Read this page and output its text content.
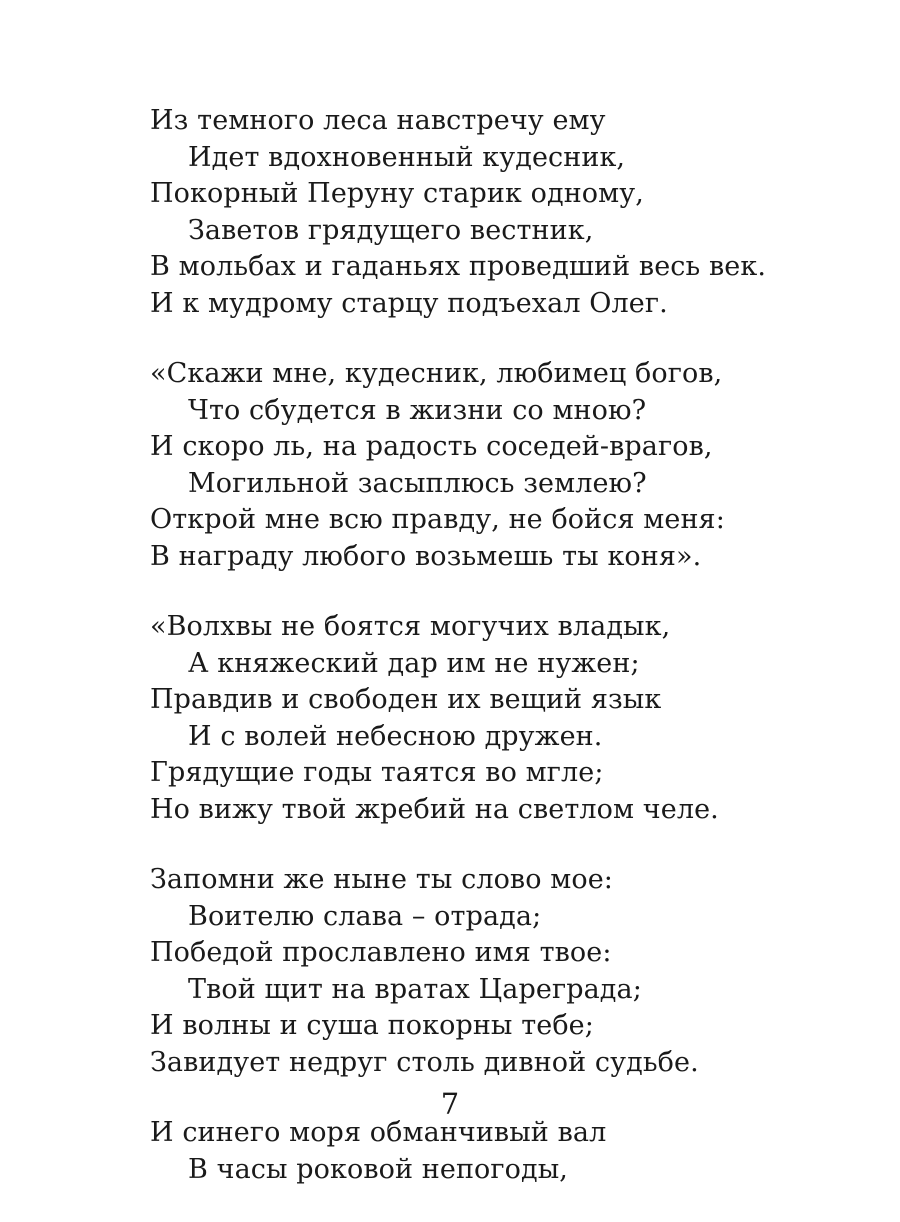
Из темного леса навстречу ему
Идет вдохновенный кудесник,
Покорный Перуну старик одному,
Заветов грядущего вестник,
В мольбах и гаданьях проведший весь век.
И к мудрому старцу подъехал Олег.
«Скажи мне, кудесник, любимец богов,
Что сбудется в жизни со мною?
И скоро ль, на радость соседей-врагов,
Могильной засыплюсь землею?
Открой мне всю правду, не бойся меня:
В награду любого возьмешь ты коня».
«Волхвы не боятся могучих владык,
А княжеский дар им не нужен;
Правдив и свободен их вещий язык
И с волей небесною дружен.
Грядущие годы таятся во мгле;
Но вижу твой жребий на светлом челе.
Запомни же ныне ты слово мое:
Воителю слава – отрада;
Победой прославлено имя твое:
Твой щит на вратах Цареграда;
И волны и суша покорны тебе;
Завидует недруг столь дивной судьбе.
И синего моря обманчивый вал
В часы роковой непогоды,
7
